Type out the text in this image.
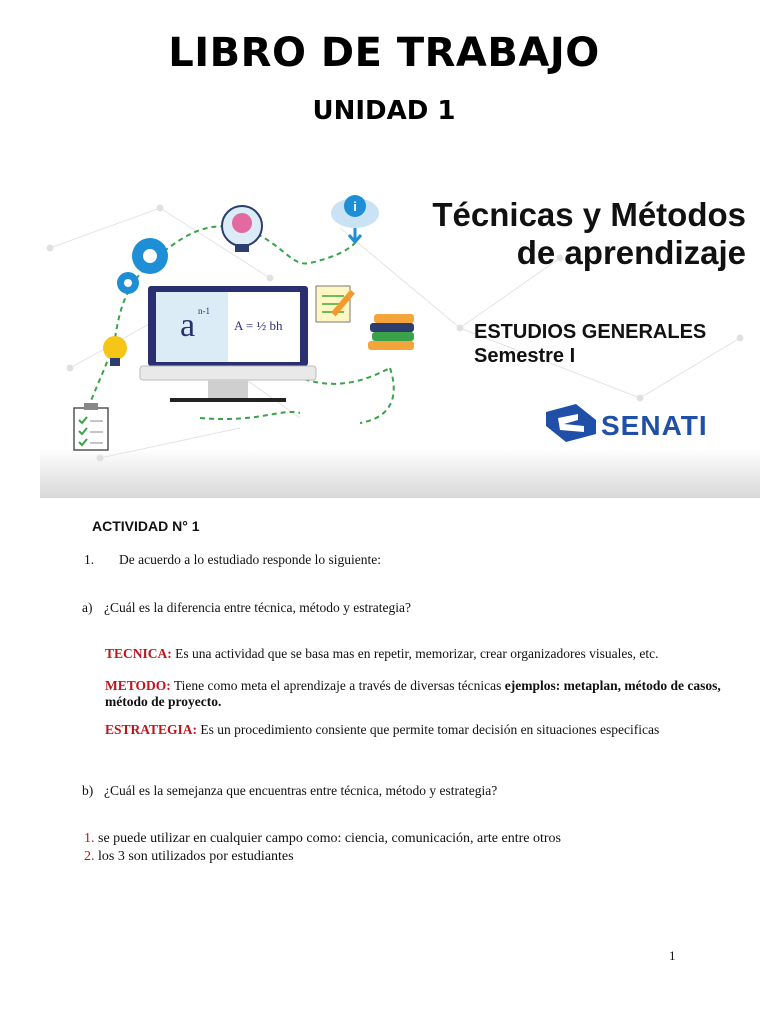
LIBRO DE TRABAJO
UNIDAD 1
i
a n-1
A = ½ bh
Técnicas y Métodos
de aprendizaje
ESTUDIOS GENERALES
Semestre I
SENATI
ACTIVIDAD N° 1
1. De acuerdo a lo estudiado responde lo siguiente:
a) ¿Cuál es la diferencia entre técnica, método y estrategia?
TECNICA: Es una actividad que se basa mas en repetir, memorizar, crear organizadores visuales, etc.
METODO: Tiene como meta el aprendizaje a través de diversas técnicas ejemplos: metaplan, método de casos,
método de proyecto.
ESTRATEGIA: Es un procedimiento consiente que permite tomar decisión en situaciones especificas
b) ¿Cuál es la semejanza que encuentras entre técnica, método y estrategia?
1. se puede utilizar en cualquier campo como: ciencia, comunicación, arte entre otros
2. los 3 son utilizados por estudiantes
1
